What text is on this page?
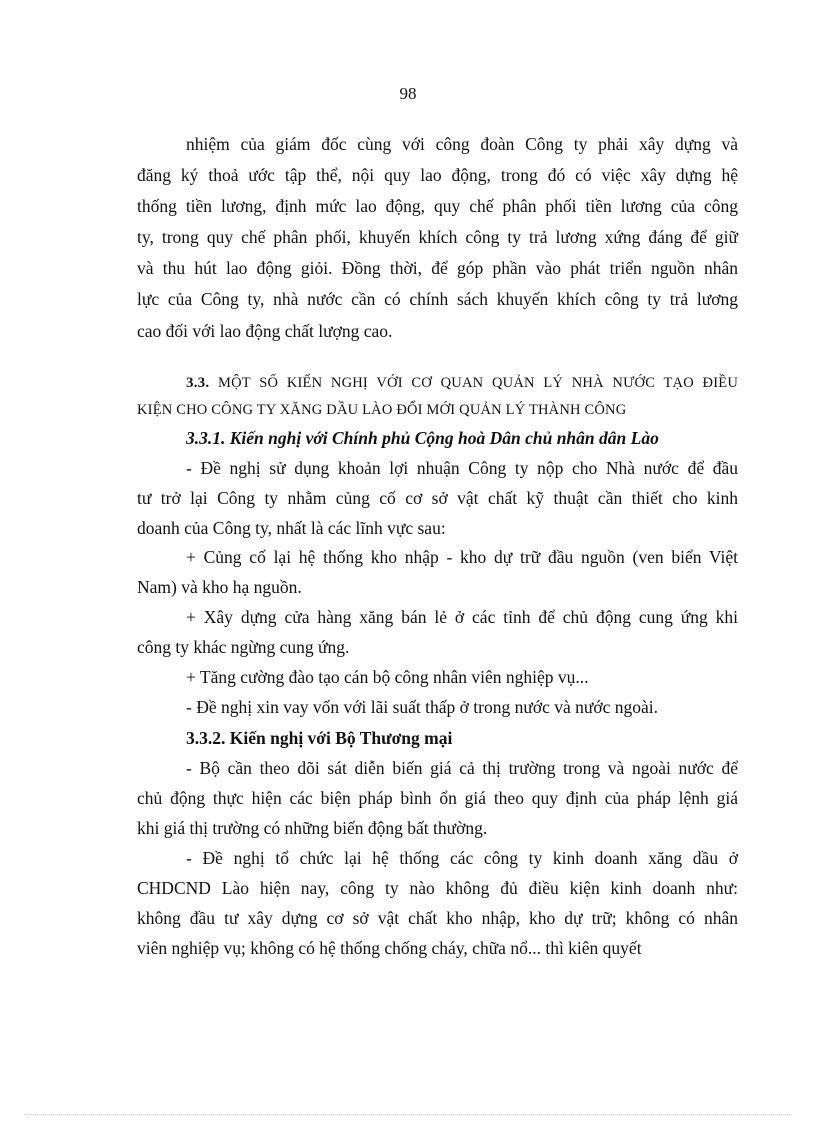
98
nhiệm của giám đốc cùng với công đoàn Công ty phải xây dựng và
đăng ký thoả ước tập thể, nội quy lao động, trong đó có việc xây dựng hệ
thống tiền lương, định mức lao động, quy chế phân phối tiền lương của công
ty, trong quy chế phân phối, khuyến khích công ty trả lương xứng đáng để giữ
và thu hút lao động giỏi. Đồng thời, để góp phần vào phát triển nguồn nhân
lực của Công ty, nhà nước cần có chính sách khuyến khích công ty trả lương
cao đối với lao động chất lượng cao.
3.3. MỘT SỐ KIẾN NGHỊ VỚI CƠ QUAN QUẢN LÝ NHÀ NƯỚC TẠO ĐIỀU
KIỆN CHO CÔNG TY XĂNG DẦU LÀO ĐỔI MỚI QUẢN LÝ THÀNH CÔNG
3.3.1. Kiến nghị với Chính phủ Cộng hoà Dân chủ nhân dân Lào
- Đề nghị sử dụng khoản lợi nhuận Công ty nộp cho Nhà nước để đầu
tư trở lại Công ty nhằm củng cố cơ sở vật chất kỹ thuật cần thiết cho kinh
doanh của Công ty, nhất là các lĩnh vực sau:
+ Củng cố lại hệ thống kho nhập - kho dự trữ đầu nguồn (ven biển Việt
Nam) và kho hạ nguồn.
+ Xây dựng cửa hàng xăng bán lẻ ở các tỉnh để chủ động cung ứng khi
công ty khác ngừng cung ứng.
+ Tăng cường đào tạo cán bộ công nhân viên nghiệp vụ...
- Đề nghị xin vay vốn với lãi suất thấp ở trong nước và nước ngoài.
3.3.2. Kiến nghị với Bộ Thương mại
- Bộ cần theo dõi sát diễn biến giá cả thị trường trong và ngoài nước để
chủ động thực hiện các biện pháp bình ổn giá theo quy định của pháp lệnh giá
khi giá thị trường có những biến động bất thường.
- Đề nghị tổ chức lại hệ thống các công ty kinh doanh xăng dầu ở
CHDCND Lào hiện nay, công ty nào không đủ điều kiện kinh doanh như:
không đầu tư xây dựng cơ sở vật chất kho nhập, kho dự trữ; không có nhân
viên nghiệp vụ; không có hệ thống chống cháy, chữa nổ... thì kiên quyết
